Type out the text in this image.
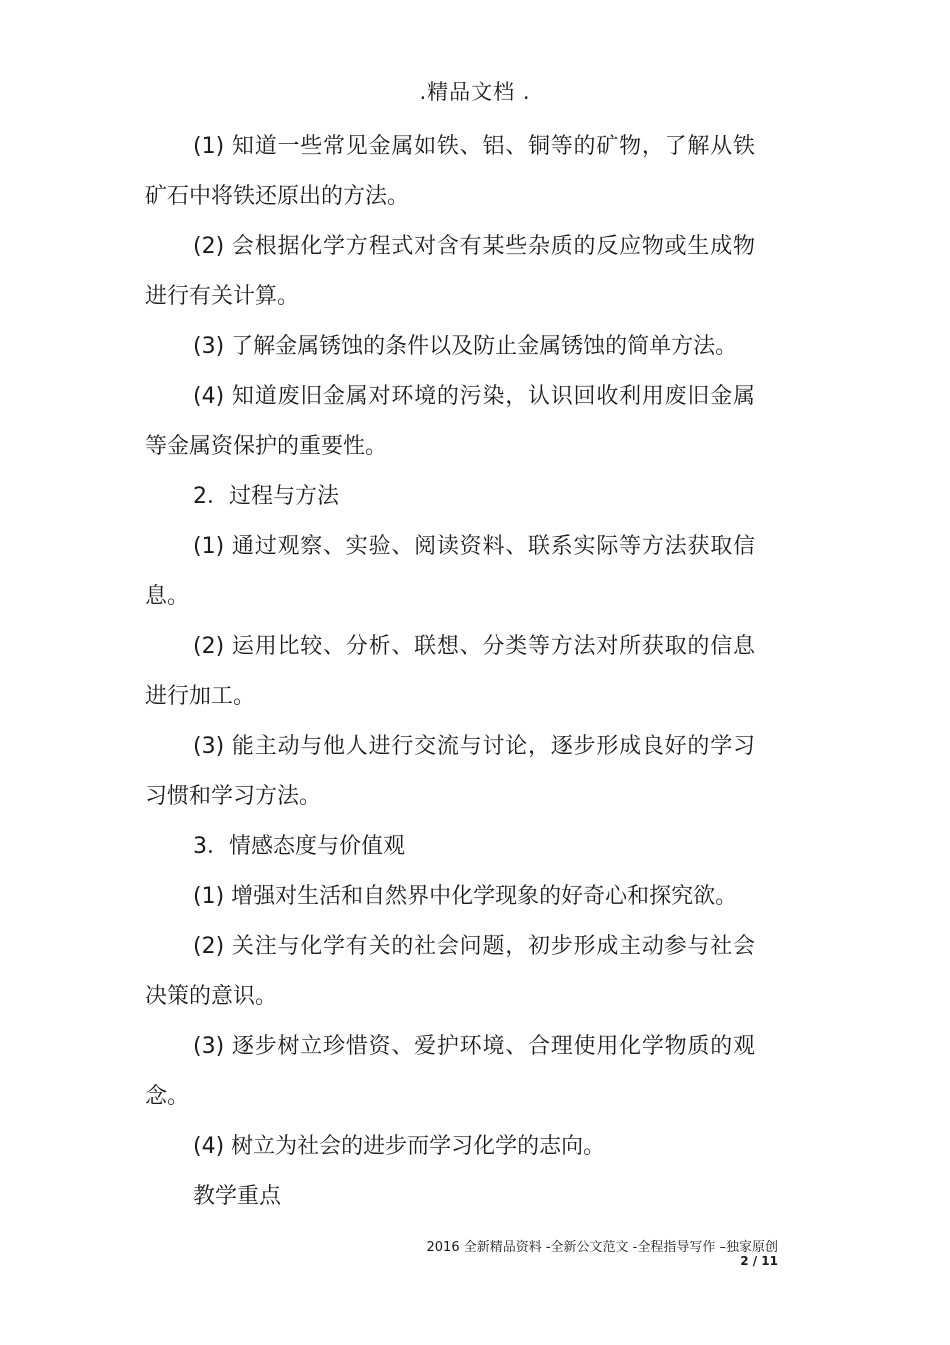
.精品文档 .

(1) 知道一些常见金属如铁、铝、铜等的矿物，了解从铁矿石中将铁还原出的方法。

(2) 会根据化学方程式对含有某些杂质的反应物或生成物进行有关计算。

(3) 了解金属锈蚀的条件以及防止金属锈蚀的简单方法。

(4) 知道废旧金属对环境的污染，认识回收利用废旧金属等金属资保护的重要性。

2．过程与方法

(1) 通过观察、实验、阅读资料、联系实际等方法获取信息。

(2) 运用比较、分析、联想、分类等方法对所获取的信息进行加工。

(3) 能主动与他人进行交流与讨论，逐步形成良好的学习习惯和学习方法。

3．情感态度与价值观

(1) 增强对生活和自然界中化学现象的好奇心和探究欲。

(2) 关注与化学有关的社会问题，初步形成主动参与社会决策的意识。

(3) 逐步树立珍惜资、爱护环境、合理使用化学物质的观念。

(4) 树立为社会的进步而学习化学的志向。

教学重点

2016 全新精品资料 -全新公文范文 -全程指导写作 –独家原创
2 / 11
